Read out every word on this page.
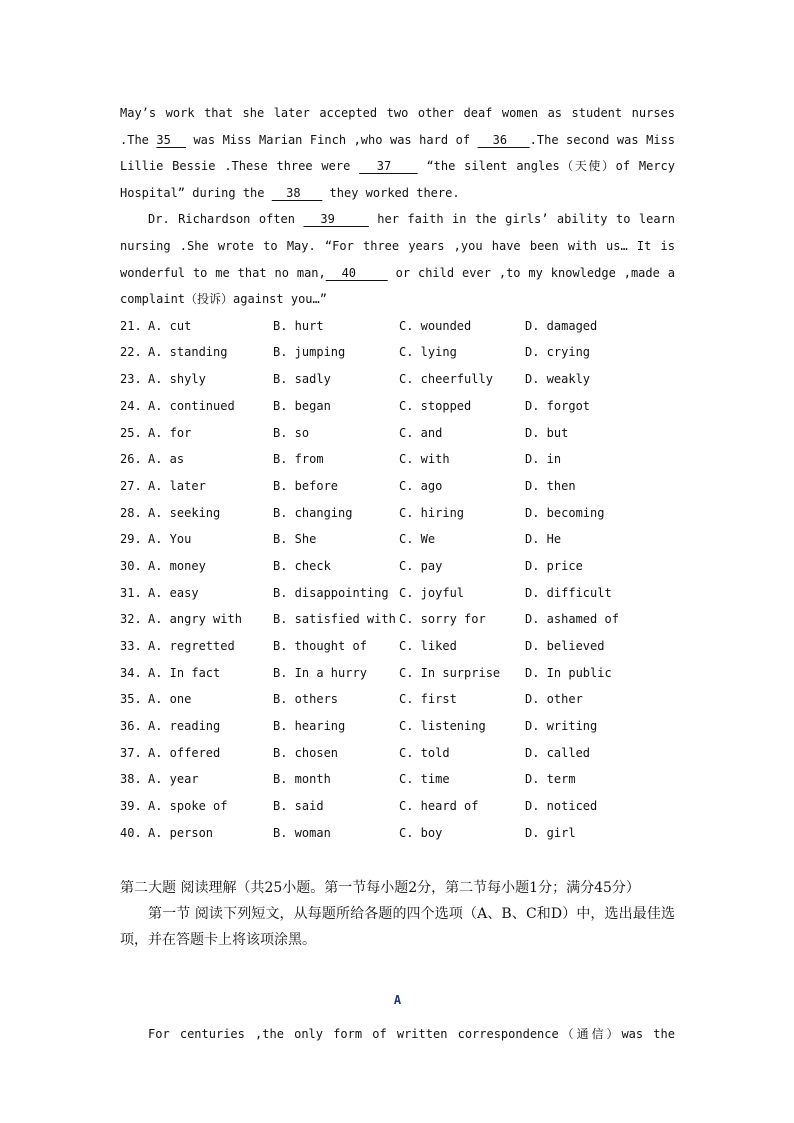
May’s work that she later accepted two other deaf women as student nurses .The 35   was Miss Marian Finch ,who was hard of   36   .The second was Miss Lillie Bessie .These three were   37    “the silent angles（天使）of Mercy Hospital” during the   38    they worked there.
Dr. Richardson often   39     her faith in the girls’ ability to learn nursing .She wrote to May. “For three years ,you have been with us… It is wonderful to me that no man,  40     or child ever ,to my knowledge ,made a complaint（投诉）against you…”
21. A. cut	B. hurt	C. wounded	D. damaged
22. A. standing	B. jumping	C. lying	D. crying
23. A. shyly	B. sadly	C. cheerfully	D. weakly
24. A. continued	B. began	C. stopped	D. forgot
25. A. for	B. so	C. and	D. but
26. A. as	B. from	C. with	D. in
27. A. later	B. before	C. ago	D. then
28. A. seeking	B. changing	C. hiring	D. becoming
29. A. You	B. She	C. We	D. He
30. A. money	B. check	C. pay	D. price
31. A. easy	B. disappointing C. joyful	D. difficult
32. A. angry with	B. satisfied with C. sorry for	D. ashamed of
33. A. regretted	B. thought of	C. liked	D. believed
34. A. In fact	B. In a hurry	C. In surprise	D. In public
35. A. one	B. others	C. first	D. other
36. A. reading	B. hearing	C. listening	D. writing
37. A. offered	B. chosen	C. told	D. called
38. A. year	B. month	C. time	D. term
39. A. spoke of	B. said	C. heard of	D. noticed
40. A. person	B. woman	C. boy	D. girl
第二大题 阅读理解（共25小题。第一节每小题2分，第二节每小题1分；满分45分）
第一节 阅读下列短文，从每题所给各题的四个选项（A、B、C和D）中，选出最佳选项，并在答题卡上将该项涂黑。
A
For centuries ,the only form of written correspondence（通信）was the
